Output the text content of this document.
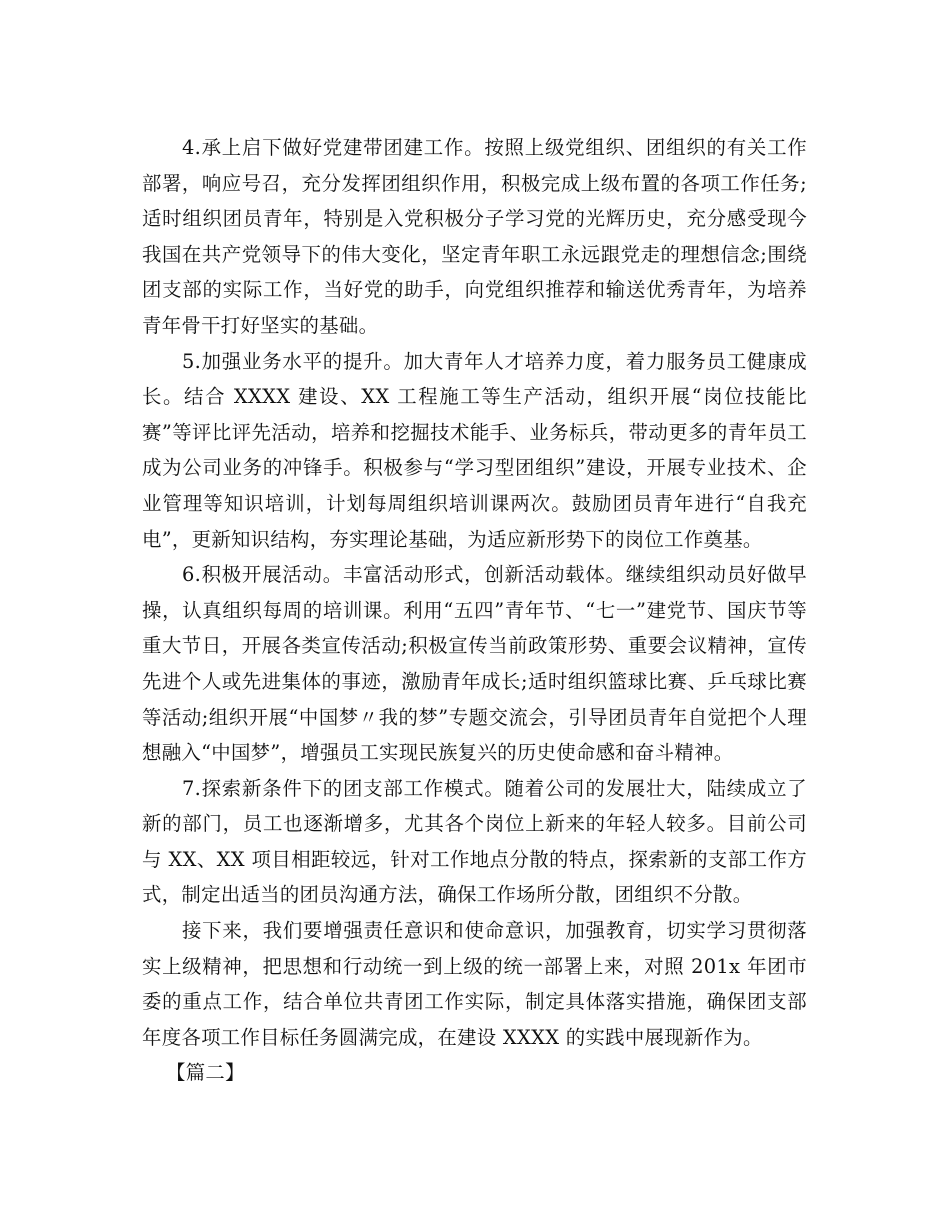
4.承上启下做好党建带团建工作。按照上级党组织、团组织的有关工作部署，响应号召，充分发挥团组织作用，积极完成上级布置的各项工作任务;适时组织团员青年，特别是入党积极分子学习党的光辉历史，充分感受现今我国在共产党领导下的伟大变化，坚定青年职工永远跟党走的理想信念;围绕团支部的实际工作，当好党的助手，向党组织推荐和输送优秀青年，为培养青年骨干打好坚实的基础。

5.加强业务水平的提升。加大青年人才培养力度，着力服务员工健康成长。结合 XXXX 建设、XX 工程施工等生产活动，组织开展“岗位技能比赛”等评比评先活动，培养和挖掘技术能手、业务标兵，带动更多的青年员工成为公司业务的冲锋手。积极参与“学习型团组织”建设，开展专业技术、企业管理等知识培训，计划每周组织培训课两次。鼓励团员青年进行“自我充电”，更新知识结构，夯实理论基础，为适应新形势下的岗位工作奠基。

6.积极开展活动。丰富活动形式，创新活动载体。继续组织动员好做早操，认真组织每周的培训课。利用“五四”青年节、“七一”建党节、国庆节等重大节日，开展各类宣传活动;积极宣传当前政策形势、重要会议精神，宣传先进个人或先进集体的事迹，激励青年成长;适时组织篮球比赛、乒乓球比赛等活动;组织开展“中国梦〃我的梦”专题交流会，引导团员青年自觉把个人理想融入“中国梦”，增强员工实现民族复兴的历史使命感和奋斗精神。

7.探索新条件下的团支部工作模式。随着公司的发展壮大，陆续成立了新的部门，员工也逐渐增多，尤其各个岗位上新来的年轻人较多。目前公司与 XX、XX 项目相距较远，针对工作地点分散的特点，探索新的支部工作方式，制定出适当的团员沟通方法，确保工作场所分散，团组织不分散。

接下来，我们要增强责任意识和使命意识，加强教育，切实学习贯彻落实上级精神，把思想和行动统一到上级的统一部署上来，对照 201x 年团市委的重点工作，结合单位共青团工作实际，制定具体落实措施，确保团支部年度各项工作目标任务圆满完成，在建设 XXXX 的实践中展现新作为。

【篇二】
